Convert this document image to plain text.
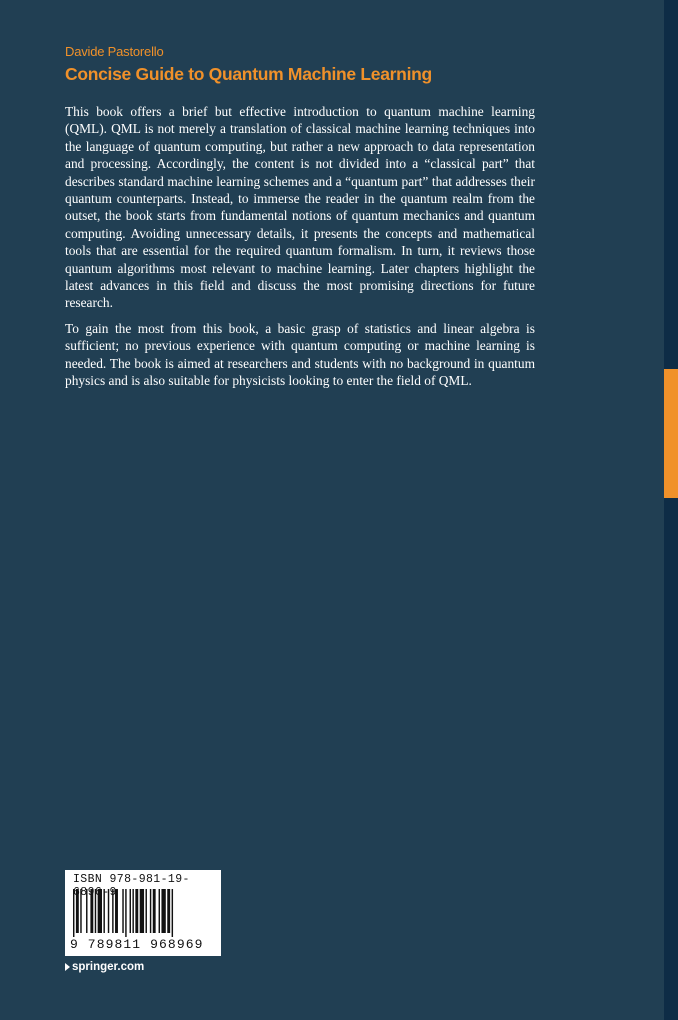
Davide Pastorello
Concise Guide to Quantum Machine Learning

This book offers a brief but effective introduction to quantum machine learning (QML). QML is not merely a translation of classical machine learning techniques into the language of quantum computing, but rather a new approach to data representation and processing. Accordingly, the content is not divided into a “classical part” that describes standard machine learning schemes and a “quantum part” that addresses their quantum counterparts. Instead, to immerse the reader in the quantum realm from the outset, the book starts from fundamental notions of quantum mechanics and quantum computing. Avoiding unnecessary details, it presents the concepts and mathematical tools that are essential for the required quantum formalism. In turn, it reviews those quantum algorithms most relevant to machine learning. Later chapters highlight the latest advances in this field and discuss the most promising directions for future research.

To gain the most from this book, a basic grasp of statistics and linear algebra is sufficient; no previous experience with quantum computing or machine learning is needed. The book is aimed at researchers and students with no background in quantum physics and is also suitable for physicists looking to enter the field of QML.

ISBN 978-981-19- 896-9
9 789811 968969
springer.com
